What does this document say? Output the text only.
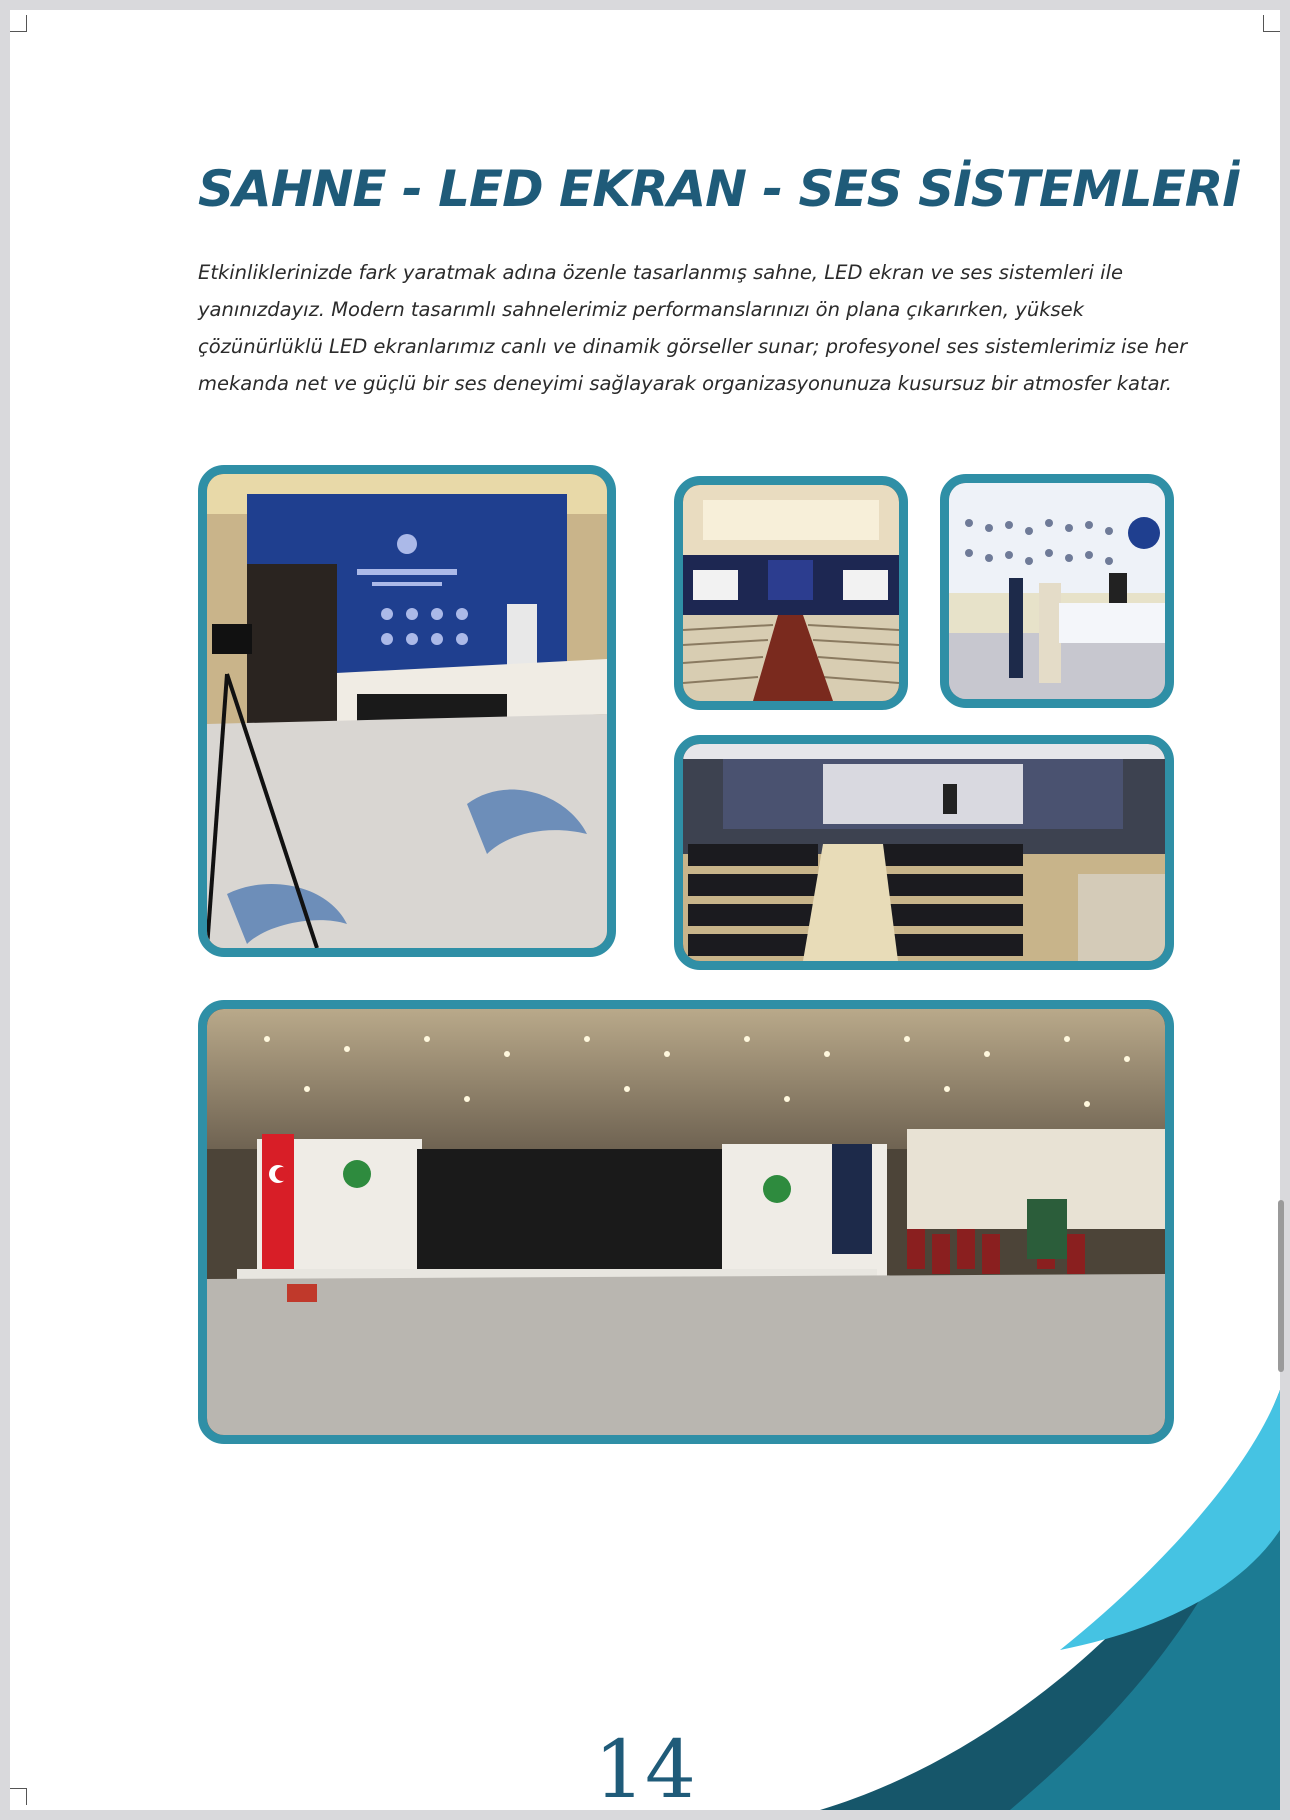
SAHNE - LED EKRAN - SES SİSTEMLERİ

Etkinliklerinizde fark yaratmak adına özenle tasarlanmış sahne, LED ekran ve ses sistemleri ile yanınızdayız. Modern tasarımlı sahnelerimiz performanslarınızı ön plana çıkarırken, yüksek çözünürlüklü LED ekranlarımız canlı ve dinamik görseller sunar; profesyonel ses sistemlerimiz ise her mekanda net ve güçlü bir ses deneyimi sağlayarak organizasyonunuza kusursuz bir atmosfer katar.

14
